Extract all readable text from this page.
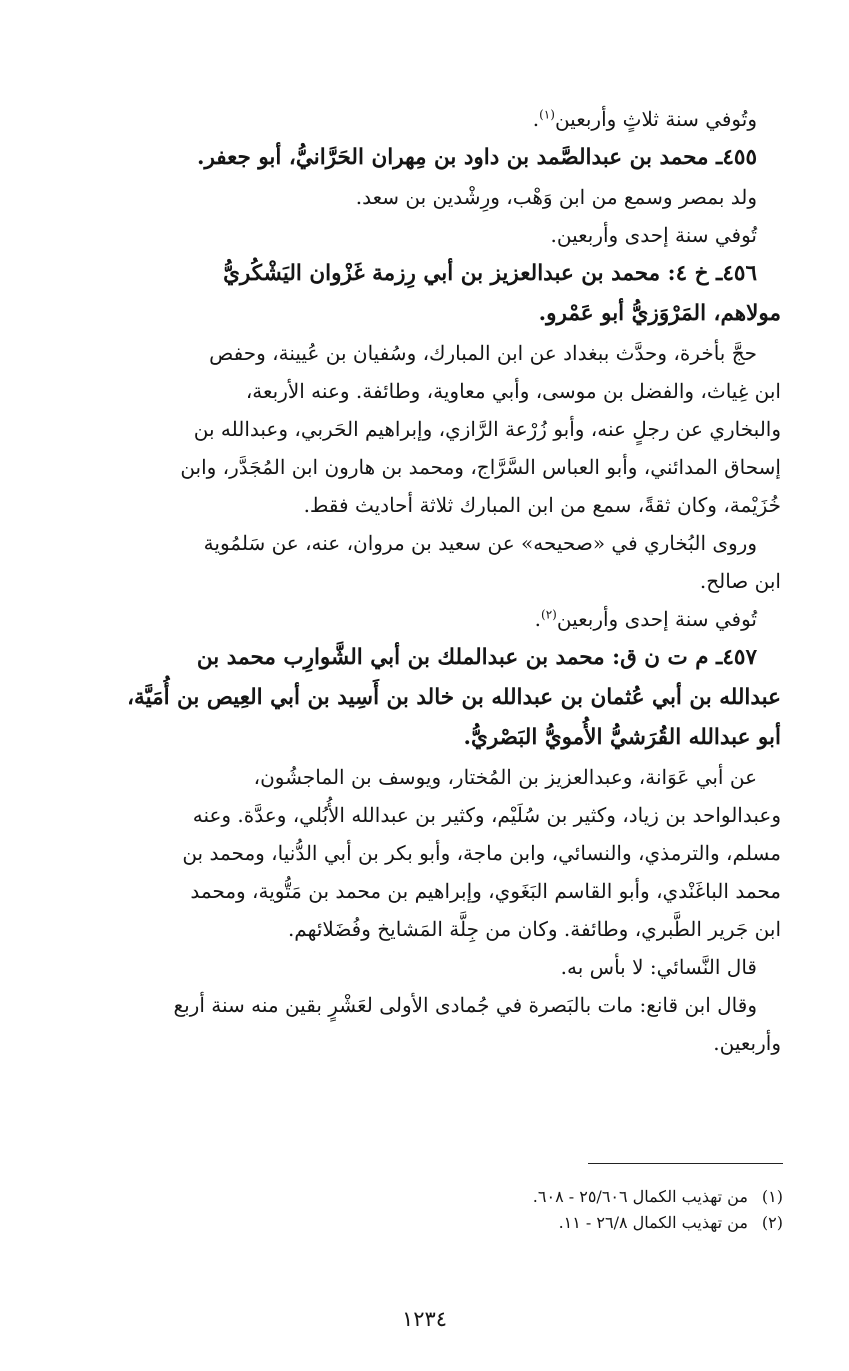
وتُوفي سنة ثلاثٍ وأربعين$^{(١)}$.

٤٥٥ـ محمد بن عبدالصَّمد بن داود بن مِهران الحَرَّانيُّ، أبو جعفر.

ولد بمصر وسمع من ابن وَهْب، ورِشْدين بن سعد.

تُوفي سنة إحدى وأربعين.

٤٥٦ـ خ ٤: محمد بن عبدالعزيز بن أبي رِزمة غَزْوان اليَشْكُريُّ

مولاهم، المَرْوَزيُّ أبو عَمْرو.

حجَّ بأخرة، وحدَّث ببغداد عن ابن المبارك، وسُفيان بن عُيينة، وحفص

ابن غِياث، والفضل بن موسى، وأبي معاوية، وطائفة. وعنه الأربعة،

والبخاري عن رجلٍ عنه، وأبو زُرْعة الرَّازي، وإبراهيم الحَربي، وعبدالله بن

إسحاق المدائني، وأبو العباس السَّرَّاج، ومحمد بن هارون ابن المُجَدَّر، وابن

خُزَيْمة، وكان ثقةً، سمع من ابن المبارك ثلاثة أحاديث فقط.

وروى البُخاري في «صحيحه» عن سعيد بن مروان، عنه، عن سَلمُوية

ابن صالح.

تُوفي سنة إحدى وأربعين$^{(٢)}$.

٤٥٧ـ م ت ن ق: محمد بن عبدالملك بن أبي الشَّوارِب محمد بن

عبدالله بن أبي عُثمان بن عبدالله بن خالد بن أَسِيد بن أبي العِيص بن أُمَيَّة،

أبو عبدالله القُرَشيُّ الأُمويُّ البَصْريُّ.

عن أبي عَوَانة، وعبدالعزيز بن المُختار، ويوسف بن الماجشُون،

وعبدالواحد بن زياد، وكثير بن سُلَيْم، وكثير بن عبدالله الأُبُلي، وعدَّة. وعنه

مسلم، والترمذي، والنسائي، وابن ماجة، وأبو بكر بن أبي الدُّنيا، ومحمد بن

محمد الباغَنْدي، وأبو القاسم البَغَوي، وإبراهيم بن محمد بن مَتُّوية، ومحمد

ابن جَرير الطَّبري، وطائفة. وكان من جِلَّة المَشايخ وفُضَلائهم.

قال النَّسائي: لا بأس به.

وقال ابن قانع: مات بالبَصرة في جُمادى الأولى لعَشْرٍ بقين منه سنة أربع

وأربعين.

(١)من تهذيب الكمال ٢٥/٦٠٦ - ٦٠٨.

(٢)من تهذيب الكمال ٢٦/٨ - ١١.

١٢٣٤
